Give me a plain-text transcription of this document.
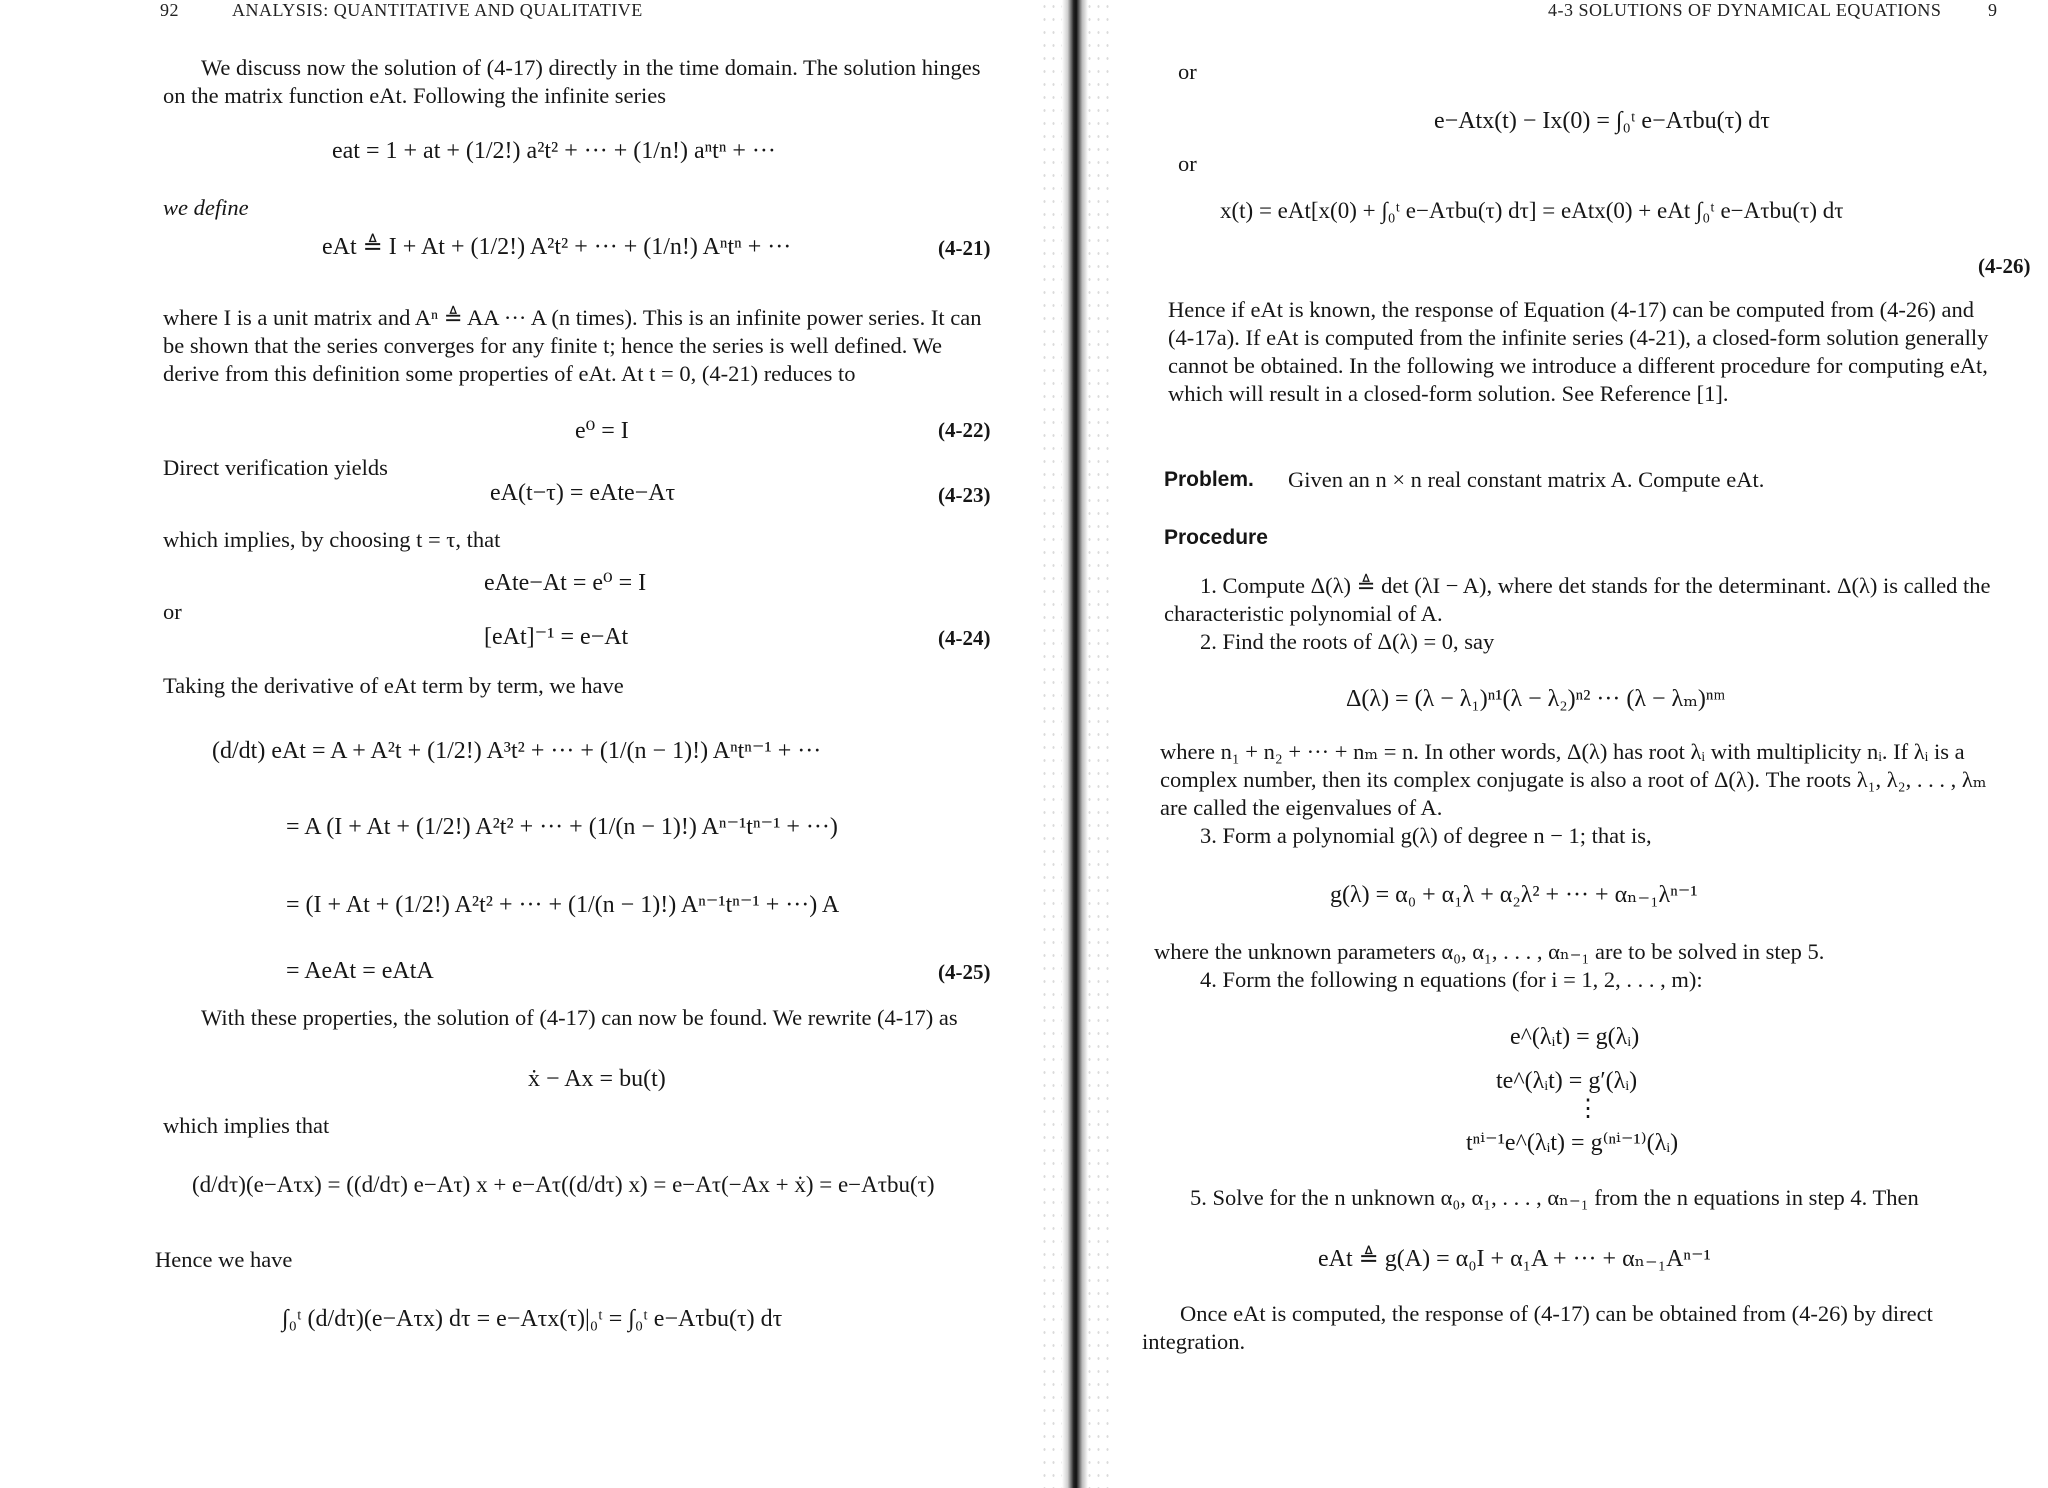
92	ANALYSIS: QUANTITATIVE AND QUALITATIVE
We discuss now the solution of (4-17) directly in the time domain. The solution hinges on the matrix function eAt. Following the infinite series
eat = 1 + at + (1/2!) a²t² + ··· + (1/n!) aⁿtⁿ + ···
we define
eAt ≜ I + At + (1/2!) A²t² + ··· + (1/n!) Aⁿtⁿ + ···	(4-21)
where I is a unit matrix and Aⁿ ≜ AA ··· A (n times). This is an infinite power series. It can be shown that the series converges for any finite t; hence the series is well defined. We derive from this definition some properties of eAt. At t = 0, (4-21) reduces to
e⁰ = I	(4-22)
Direct verification yields
eA(t−τ) = eAte−Aτ	(4-23)
which implies, by choosing t = τ, that
eAte−At = e⁰ = I
or
[eAt]⁻¹ = e−At	(4-24)
Taking the derivative of eAt term by term, we have
(d/dt) eAt = A + A²t + (1/2!) A³t² + ··· + (1/(n − 1)!) Aⁿtⁿ⁻¹ + ···
= A (I + At + (1/2!) A²t² + ··· + (1/(n − 1)!) Aⁿ⁻¹tⁿ⁻¹ + ···)
= (I + At + (1/2!) A²t² + ··· + (1/(n − 1)!) Aⁿ⁻¹tⁿ⁻¹ + ···) A
= AeAt = eAtA	(4-25)
With these properties, the solution of (4-17) can now be found. We rewrite (4-17) as
ẋ − Ax = bu(t)
which implies that
(d/dτ)(e−Aτx) = ((d/dτ) e−Aτ) x + e−Aτ((d/dτ) x) = e−Aτ(−Ax + ẋ) = e−Aτbu(τ)
Hence we have
∫₀ᵗ (d/dτ)(e−Aτx) dτ = e−Aτx(τ)|₀ᵗ = ∫₀ᵗ e−Aτbu(τ) dτ
4-3 SOLUTIONS OF DYNAMICAL EQUATIONS	9
or
e−Atx(t) − Ix(0) = ∫₀ᵗ e−Aτbu(τ) dτ
or
x(t) = eAt[x(0) + ∫₀ᵗ e−Aτbu(τ) dτ] = eAtx(0) + eAt ∫₀ᵗ e−Aτbu(τ) dτ
(4-26)
Hence if eAt is known, the response of Equation (4-17) can be computed from (4-26) and (4-17a). If eAt is computed from the infinite series (4-21), a closed-form solution generally cannot be obtained. In the following we introduce a different procedure for computing eAt, which will result in a closed-form solution. See Reference [1].
Problem. Given an n × n real constant matrix A. Compute eAt.
Procedure
1. Compute Δ(λ) ≜ det (λI − A), where det stands for the determinant. Δ(λ) is called the characteristic polynomial of A.
2. Find the roots of Δ(λ) = 0, say
Δ(λ) = (λ − λ₁)ⁿ¹(λ − λ₂)ⁿ² ··· (λ − λₘ)ⁿᵐ
where n₁ + n₂ + ··· + nₘ = n. In other words, Δ(λ) has root λᵢ with multiplicity nᵢ. If λᵢ is a complex number, then its complex conjugate is also a root of Δ(λ). The roots λ₁, λ₂, . . . , λₘ are called the eigenvalues of A.
3. Form a polynomial g(λ) of degree n − 1; that is,
g(λ) = α₀ + α₁λ + α₂λ² + ··· + αₙ₋₁λⁿ⁻¹
where the unknown parameters α₀, α₁, . . . , αₙ₋₁ are to be solved in step 5.
4. Form the following n equations (for i = 1, 2, . . . , m):
e^(λᵢt) = g(λᵢ)
te^(λᵢt) = g′(λᵢ)
⋮
tⁿⁱ⁻¹e^(λᵢt) = g⁽ⁿⁱ⁻¹⁾(λᵢ)
5. Solve for the n unknown α₀, α₁, . . . , αₙ₋₁ from the n equations in step 4. Then
eAt ≜ g(A) = α₀I + α₁A + ··· + αₙ₋₁Aⁿ⁻¹
Once eAt is computed, the response of (4-17) can be obtained from (4-26) by direct integration.
